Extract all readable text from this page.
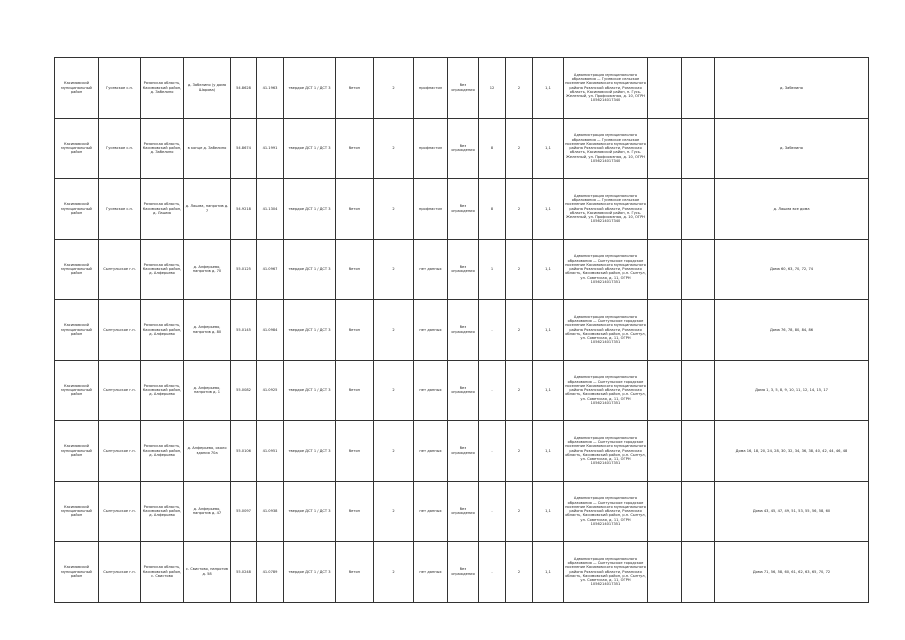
Касимовский муниципальный район	Гусевское с.п.	Рязанская область, Касимовский район, д. Забелино	д. Забелино (у дома Шарова)	54.8628	41.1963	твердое ДСТ 1 / ДСТ 3	бетон	2	профнастил	без ограждения	12	2	1,1	Администрация муниципального образования — Гусевское сельское поселение Касимовского муниципального района Рязанской области, Рязанская область, Касимовский район, п. Гусь-Железный, ул. Профсоюзная, д. 10, ОГРН 1056214017340			д. Забелино
Касимовский муниципальный район	Гусевское с.п.	Рязанская область, Касимовский район, д. Забелино	в конце д. Забелино	54.8674	41.1991	твердое ДСТ 1 / ДСТ 3	бетон	2	профнастил	без ограждения	8	2	1,1	Администрация муниципального образования — Гусевское сельское поселение Касимовского муниципального района Рязанской области, Рязанская область, Касимовский район, п. Гусь-Железный, ул. Профсоюзная, д. 10, ОГРН 1056214017340			д. Забелино
Касимовский муниципальный район	Гусевское с.п.	Рязанская область, Касимовский район, д. Лашма	д. Лашма, напротив д. 7	54.9218	41.1304	твердое ДСТ 1 / ДСТ 3	бетон	2	профнастил	без ограждения	8	2	1,1	Администрация муниципального образования — Гусевское сельское поселение Касимовского муниципального района Рязанской области, Рязанская область, Касимовский район, п. Гусь-Железный, ул. Профсоюзная, д. 10, ОГРН 1056214017340			д. Лашма все дома
Касимовский муниципальный район	Сынтульское г.п.	Рязанская область, Касимовский район, д. Алферьево	д. Алферьево, напротив д. 70	55.0125	41.0967	твердое ДСТ 1 / ДСТ 3	бетон	2	нет данных	без ограждения	1	2	1,1	Администрация муниципального образования — Сынтульское городское поселение Касимовского муниципального района Рязанской области, Рязанская область, Касимовский район, р.п. Сынтул, ул. Советская, д. 11, ОГРН 1056214017351			Дома 60, 63, 70, 72, 74
Касимовский муниципальный район	Сынтульское г.п.	Рязанская область, Касимовский район, д. Алферьево	д. Алферьево, напротив д. 80	55.0145	41.0984	твердое ДСТ 1 / ДСТ 3	бетон	2	нет данных	без ограждения	-	2	1,1	Администрация муниципального образования — Сынтульское городское поселение Касимовского муниципального района Рязанской области, Рязанская область, Касимовский район, р.п. Сынтул, ул. Советская, д. 11, ОГРН 1056214017351			Дома 76, 78, 80, 84, 86
Касимовский муниципальный район	Сынтульское г.п.	Рязанская область, Касимовский район, д. Алферьево	д. Алферьево, напротив д. 1	55.0082	41.0925	твердое ДСТ 1 / ДСТ 3	бетон	2	нет данных	без ограждения	-	2	1,1	Администрация муниципального образования — Сынтульское городское поселение Касимовского муниципального района Рязанской области, Рязанская область, Касимовский район, р.п. Сынтул, ул. Советская, д. 11, ОГРН 1056214017351			Дома 1, 3, 5, 8, 9, 10, 11, 12, 14, 15, 17
Касимовский муниципальный район	Сынтульское г.п.	Рязанская область, Касимовский район, д. Алферьево	д. Алферьево, около здания 70а	55.0106	41.0951	твердое ДСТ 1 / ДСТ 3	бетон	2	нет данных	без ограждения	-	2	1,1	Администрация муниципального образования — Сынтульское городское поселение Касимовского муниципального района Рязанской области, Рязанская область, Касимовский район, р.п. Сынтул, ул. Советская, д. 11, ОГРН 1056214017351			Дома 16, 18, 20, 24, 28, 30, 32, 34, 36, 38, 40, 42, 44, 46, 48
Касимовский муниципальный район	Сынтульское г.п.	Рязанская область, Касимовский район, д. Алферьево	д. Алферьево, напротив д. 47	55.0097	41.0938	твердое ДСТ 1 / ДСТ 3	бетон	2	нет данных	без ограждения	-	2	1,1	Администрация муниципального образования — Сынтульское городское поселение Касимовского муниципального района Рязанской области, Рязанская область, Касимовский район, р.п. Сынтул, ул. Советская, д. 11, ОГРН 1056214017351			Дома 43, 45, 47, 49, 51, 53, 55, 56, 58, 60
Касимовский муниципальный район	Сынтульское г.п.	Рязанская область, Касимовский район, с. Свистово	с. Свистово, напротив д. 58	55.0248	41.0789	твердое ДСТ 1 / ДСТ 3	бетон	2	нет данных	без ограждения	-	2	1,1	Администрация муниципального образования — Сынтульское городское поселение Касимовского муниципального района Рязанской области, Рязанская область, Касимовский район, р.п. Сынтул, ул. Советская, д. 11, ОГРН 1056214017351			Дома 71, 56, 58, 60, 61, 62, 63, 65, 70, 72
